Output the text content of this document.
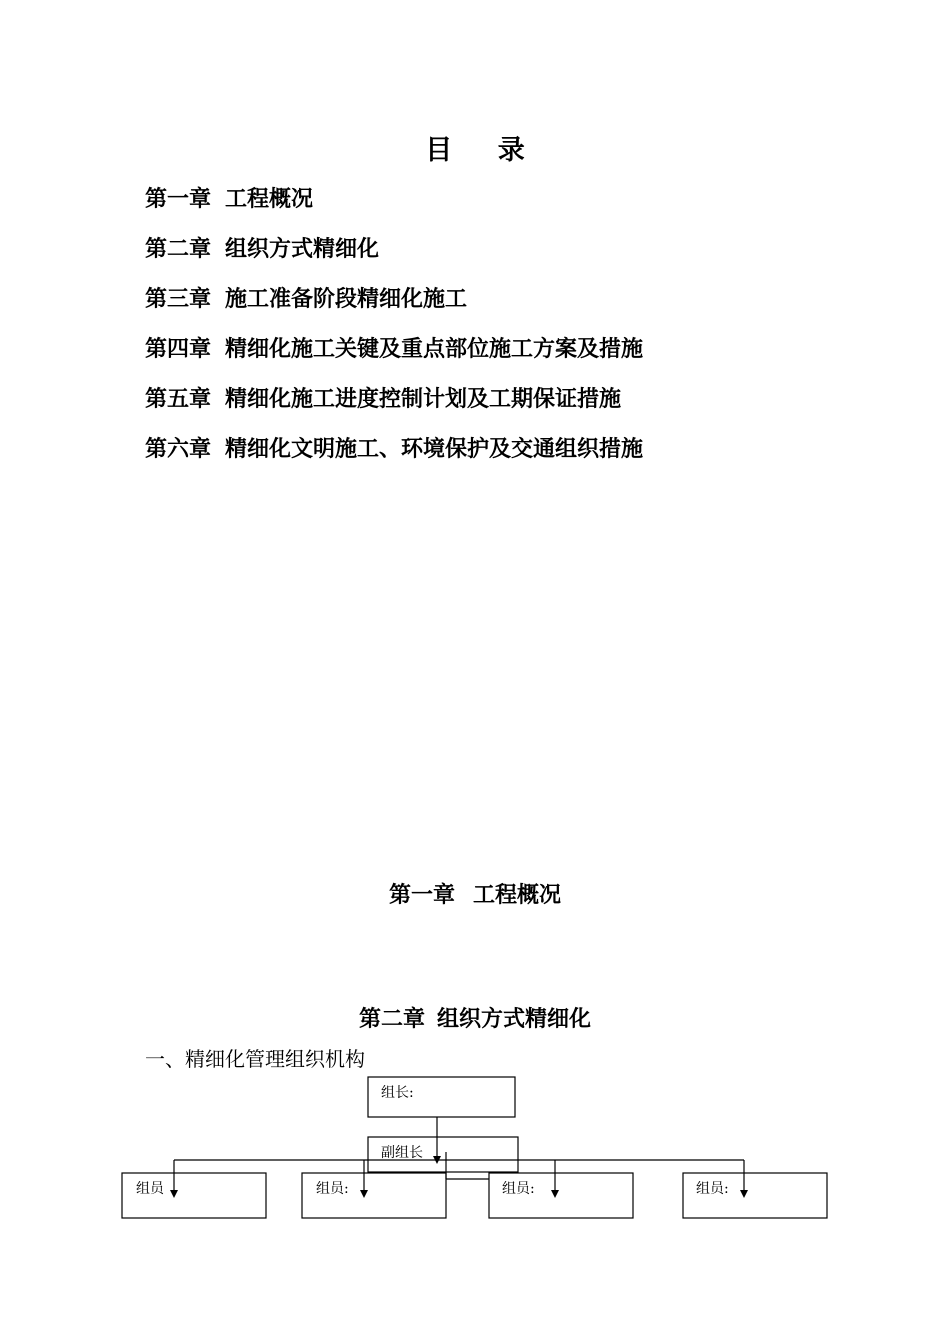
目 录
第一章 工程概况
第二章 组织方式精细化
第三章 施工准备阶段精细化施工
第四章 精细化施工关键及重点部位施工方案及措施
第五章 精细化施工进度控制计划及工期保证措施
第六章 精细化文明施工、环境保护及交通组织措施
第一章 工程概况
第二章 组织方式精细化
一、精细化管理组织机构
组长:
副组长
组员	组员:	组员:	组员:
